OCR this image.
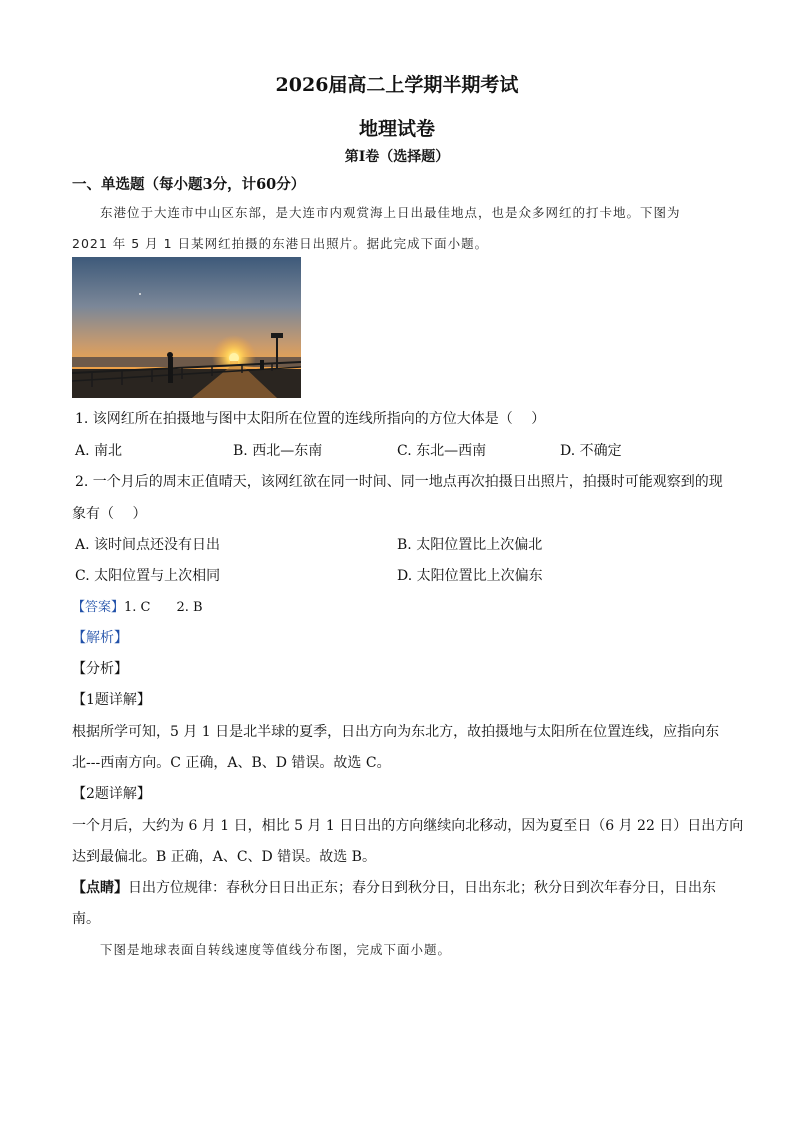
2026届高二上学期半期考试
地理试卷
第Ⅰ卷（选择题）
一、单选题（每小题3分，计60分）
东港位于大连市中山区东部，是大连市内观赏海上日出最佳地点，也是众多网红的打卡地。下图为
2021 年 5 月 1 日某网红拍摄的东港日出照片。据此完成下面小题。
1. 该网红所在拍摄地与图中太阳所在位置的连线所指向的方位大体是（　 ）
A. 南北	B. 西北—东南	C. 东北—西南	D. 不确定
2. 一个月后的周末正值晴天，该网红欲在同一时间、同一地点再次拍摄日出照片，拍摄时可能观察到的现
象有（　 ）
A. 该时间点还没有日出	B. 太阳位置比上次偏北
C. 太阳位置与上次相同	D. 太阳位置比上次偏东
【答案】1. C　　2. B
【解析】
【分析】
【1题详解】
根据所学可知，5 月 1 日是北半球的夏季，日出方向为东北方，故拍摄地与太阳所在位置连线，应指向东
北---西南方向。C 正确，A、B、D 错误。故选 C。
【2题详解】
一个月后，大约为 6 月 1 日，相比 5 月 1 日日出的方向继续向北移动，因为夏至日（6 月 22 日）日出方向
达到最偏北。B 正确，A、C、D 错误。故选 B。
【点睛】日出方位规律：春秋分日日出正东；春分日到秋分日，日出东北；秋分日到次年春分日，日出东
南。
下图是地球表面自转线速度等值线分布图，完成下面小题。
